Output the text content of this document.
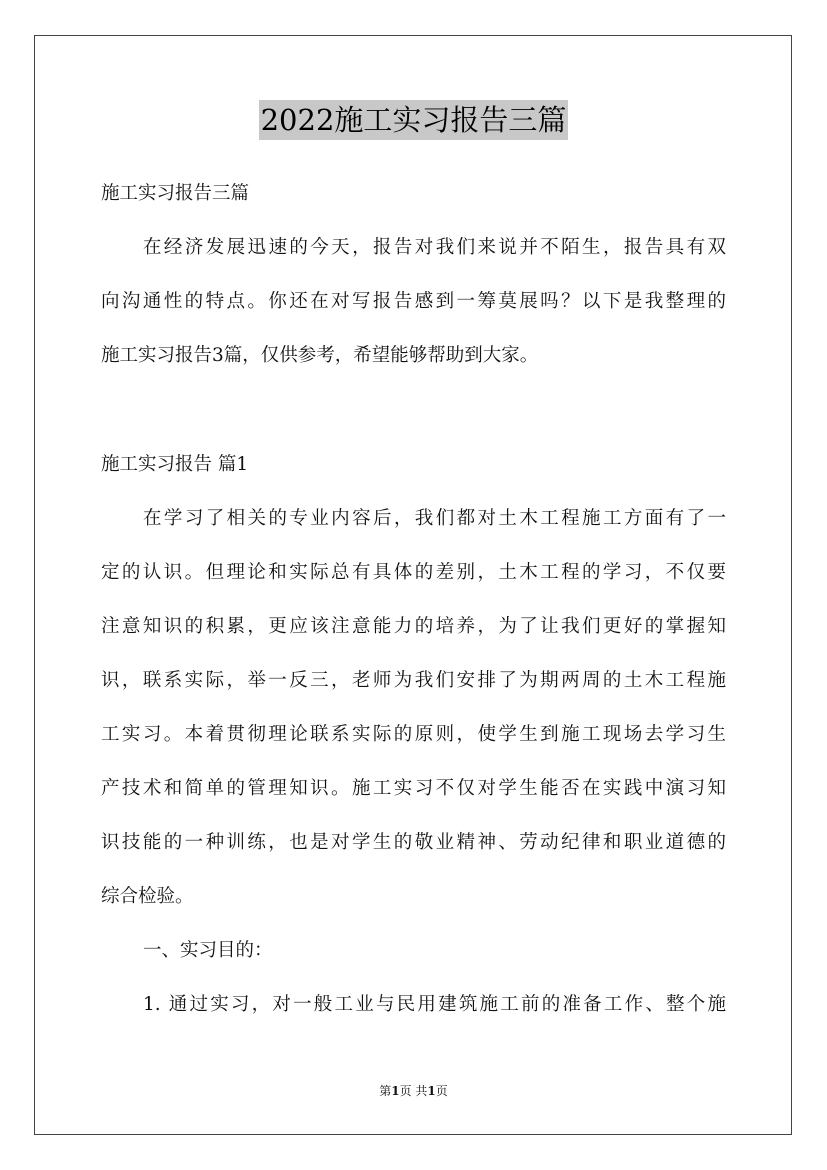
2022施工实习报告三篇
施工实习报告三篇
在经济发展迅速的今天，报告对我们来说并不陌生，报告具有双
向沟通性的特点。你还在对写报告感到一筹莫展吗？以下是我整理的
施工实习报告3篇，仅供参考，希望能够帮助到大家。
施工实习报告 篇1
在学习了相关的专业内容后，我们都对土木工程施工方面有了一
定的认识。但理论和实际总有具体的差别，土木工程的学习，不仅要
注意知识的积累，更应该注意能力的培养，为了让我们更好的掌握知
识，联系实际，举一反三，老师为我们安排了为期两周的土木工程施
工实习。本着贯彻理论联系实际的原则，使学生到施工现场去学习生
产技术和简单的管理知识。施工实习不仅对学生能否在实践中演习知
识技能的一种训练，也是对学生的敬业精神、劳动纪律和职业道德的
综合检验。
一、实习目的：
1. 通过实习，对一般工业与民用建筑施工前的准备工作、整个施
第1页 共1页
